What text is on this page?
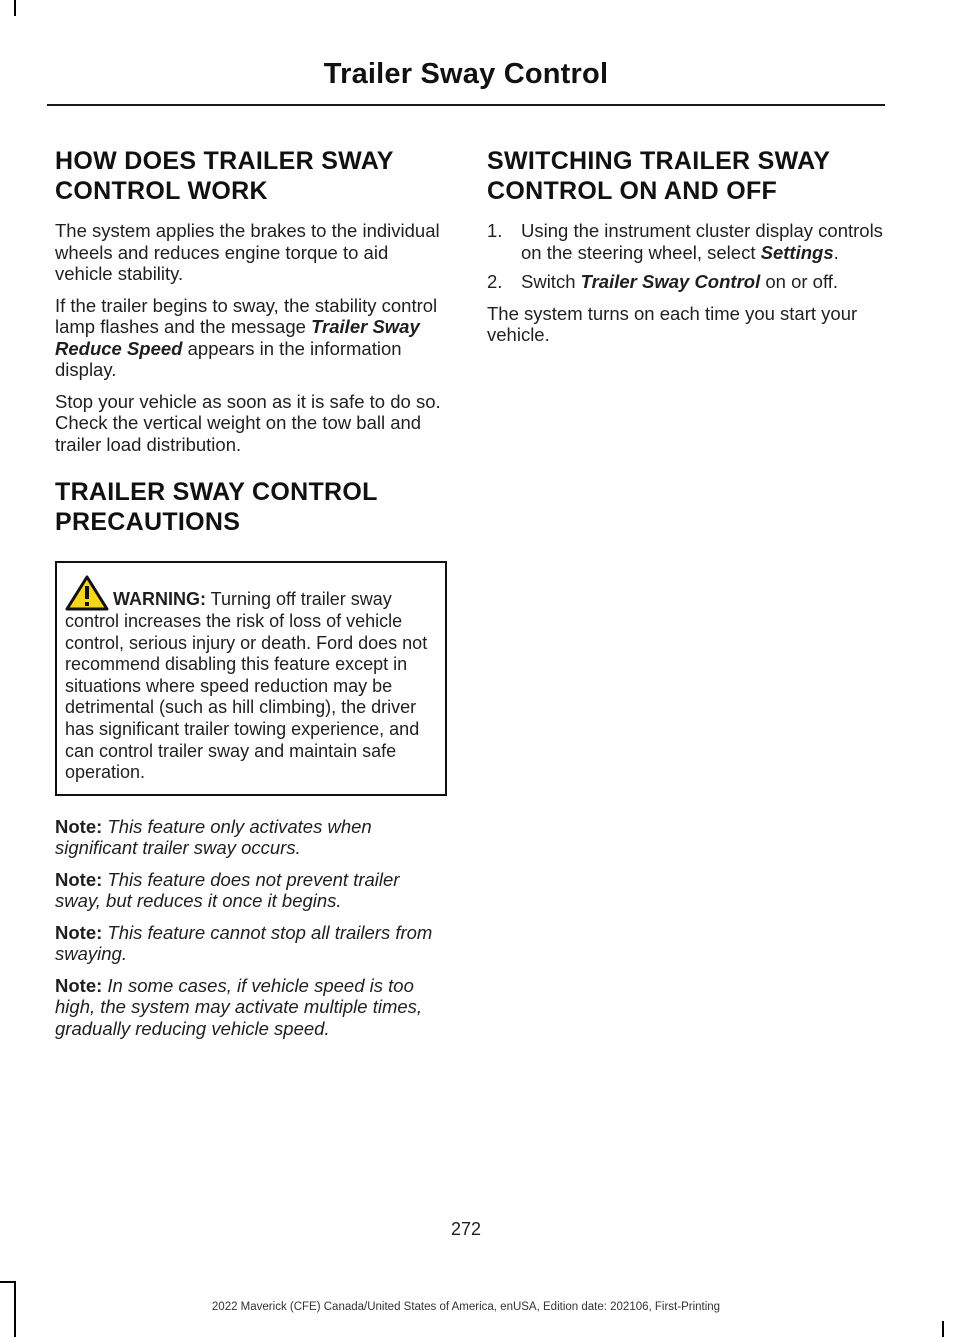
Trailer Sway Control
HOW DOES TRAILER SWAY
CONTROL WORK

The system applies the brakes to the individual wheels and reduces engine torque to aid vehicle stability.

If the trailer begins to sway, the stability control lamp flashes and the message Trailer Sway Reduce Speed appears in the information display.

Stop your vehicle as soon as it is safe to do so. Check the vertical weight on the tow ball and trailer load distribution.

TRAILER SWAY CONTROL
PRECAUTIONS
WARNING: Turning off trailer sway control increases the risk of loss of vehicle control, serious injury or death. Ford does not recommend disabling this feature except in situations where speed reduction may be detrimental (such as hill climbing), the driver has significant trailer towing experience, and can control trailer sway and maintain safe operation.

Note: This feature only activates when significant trailer sway occurs.

Note: This feature does not prevent trailer sway, but reduces it once it begins.

Note: This feature cannot stop all trailers from swaying.

Note: In some cases, if vehicle speed is too high, the system may activate multiple times, gradually reducing vehicle speed.

SWITCHING TRAILER SWAY
CONTROL ON AND OFF
1. Using the instrument cluster display controls on the steering wheel, select Settings.
2. Switch Trailer Sway Control on or off.

The system turns on each time you start your vehicle.

272
2022 Maverick (CFE) Canada/United States of America, enUSA, Edition date: 202106, First-Printing
